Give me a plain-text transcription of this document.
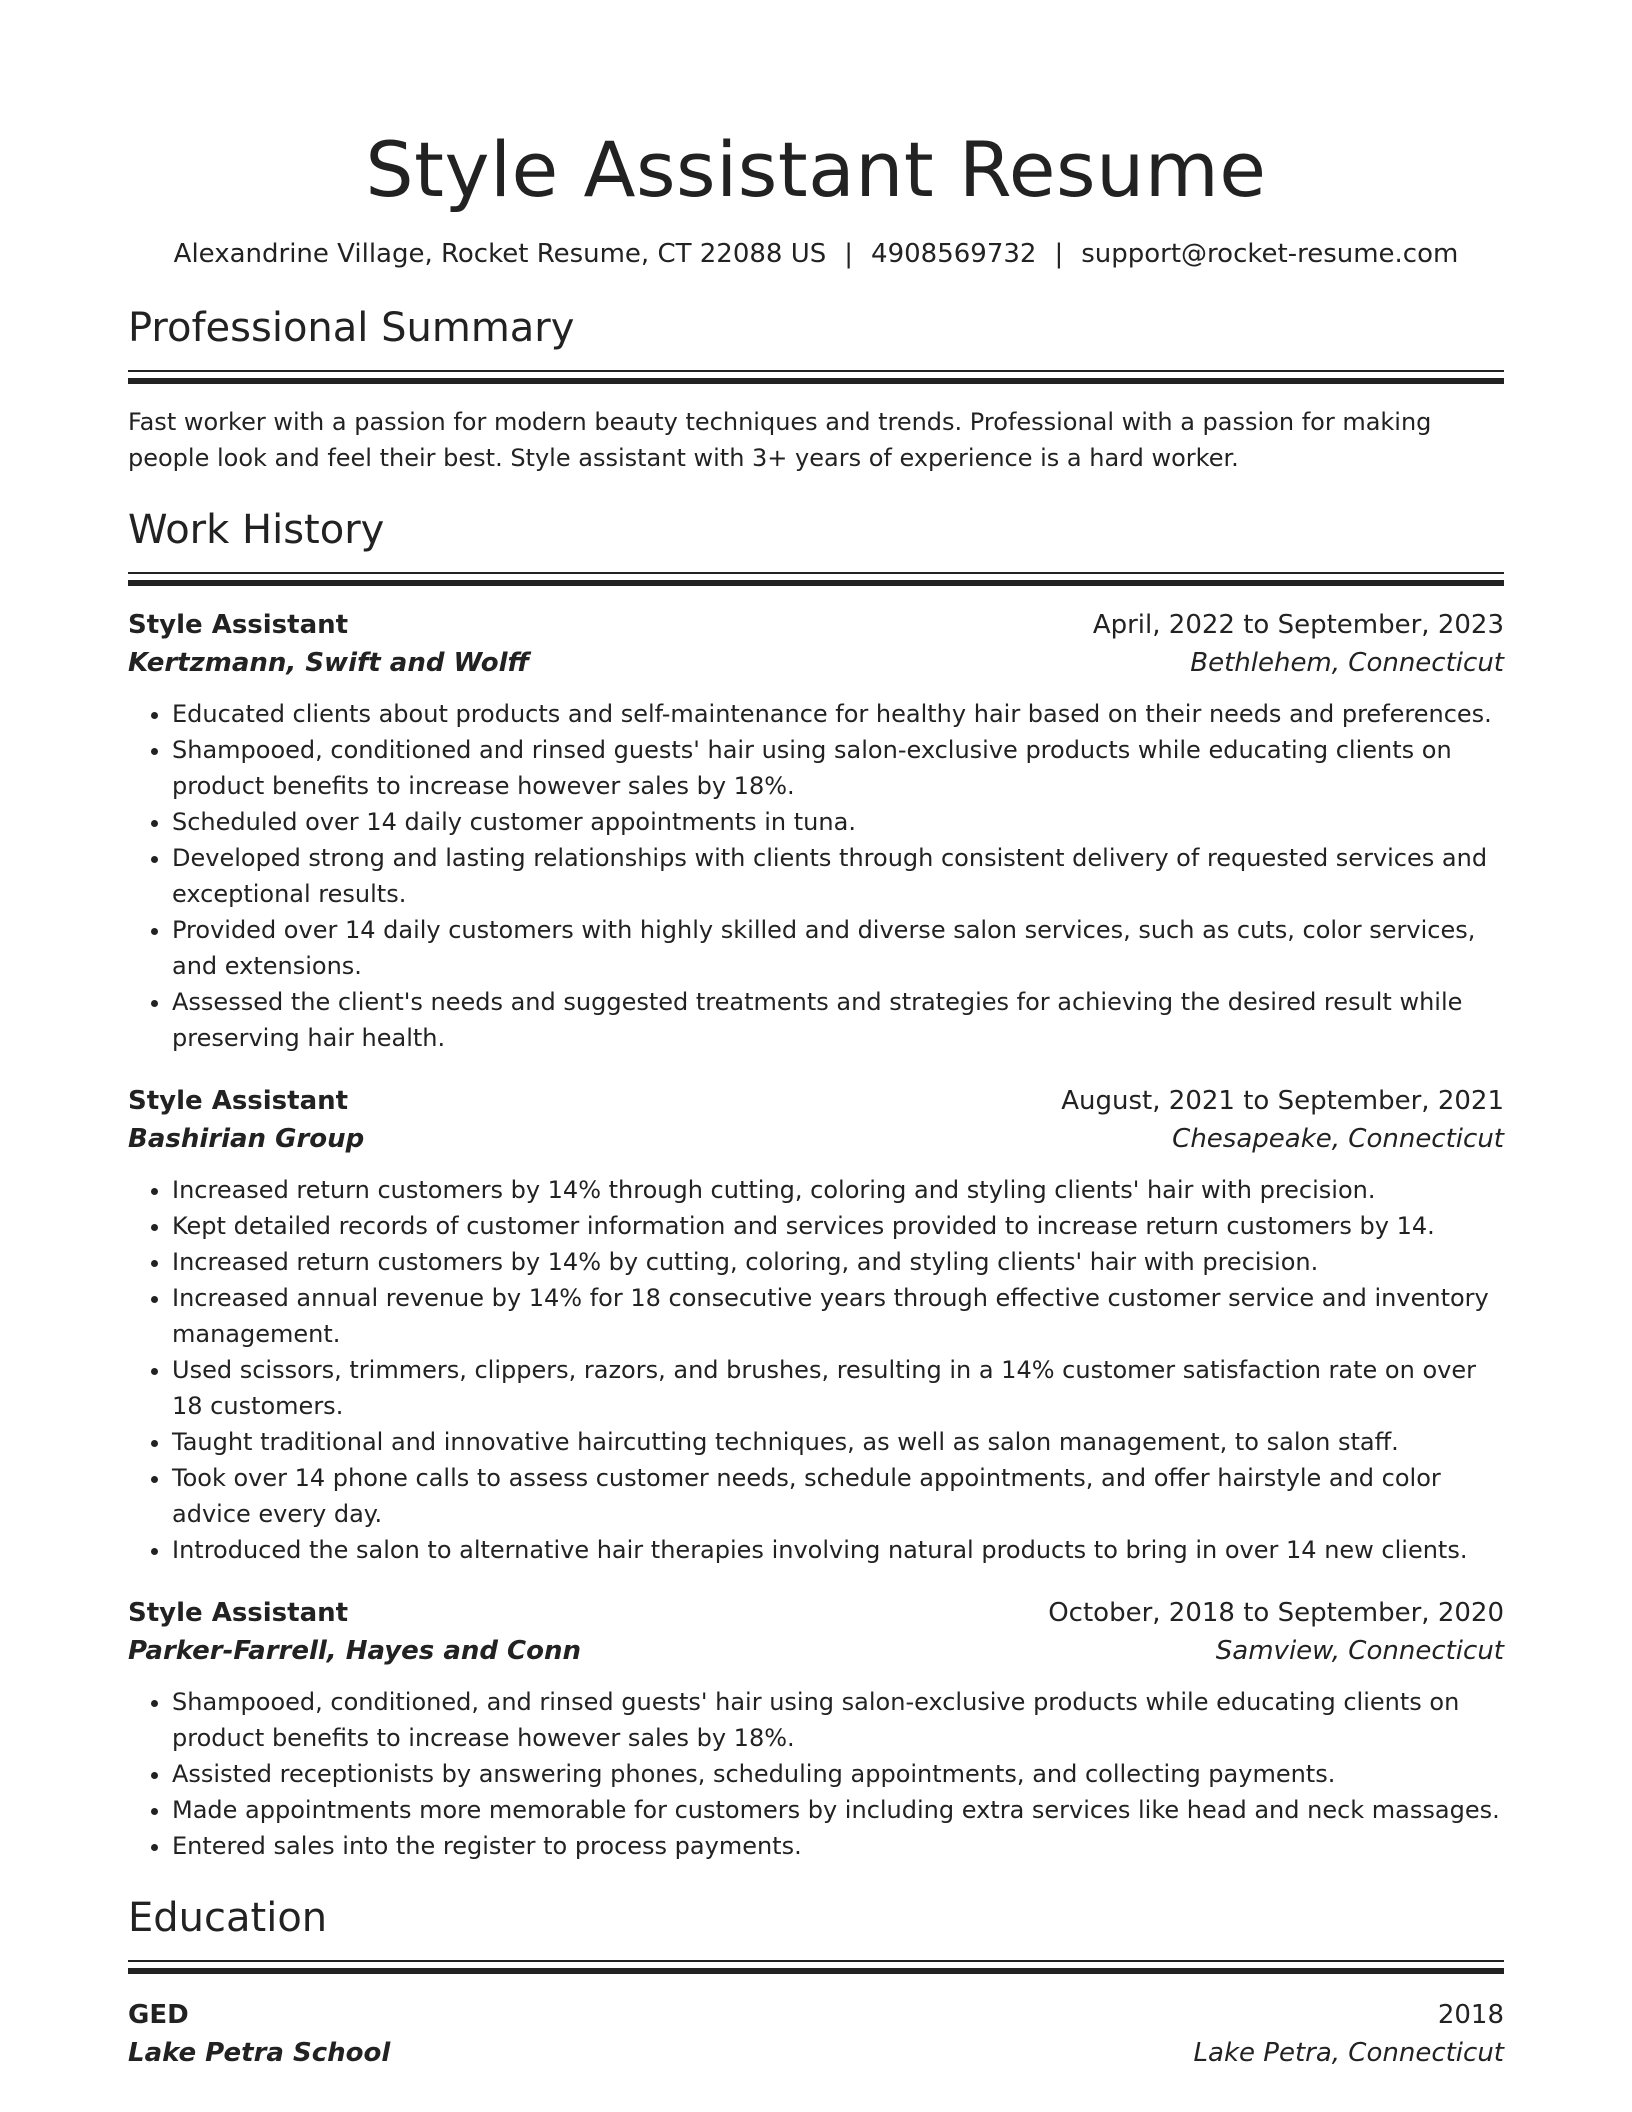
Style Assistant Resume
Alexandrine Village, Rocket Resume, CT 22088 US | 4908569732 | support@rocket-resume.com
Professional Summary
Fast worker with a passion for modern beauty techniques and trends. Professional with a passion for making people look and feel their best. Style assistant with 3+ years of experience is a hard worker.
Work History
Style Assistant	April, 2022 to September, 2023
Kertzmann, Swift and Wolff	Bethlehem, Connecticut
• Educated clients about products and self-maintenance for healthy hair based on their needs and preferences.
• Shampooed, conditioned and rinsed guests' hair using salon-exclusive products while educating clients on product benefits to increase however sales by 18%.
• Scheduled over 14 daily customer appointments in tuna.
• Developed strong and lasting relationships with clients through consistent delivery of requested services and exceptional results.
• Provided over 14 daily customers with highly skilled and diverse salon services, such as cuts, color services, and extensions.
• Assessed the client's needs and suggested treatments and strategies for achieving the desired result while preserving hair health.
Style Assistant	August, 2021 to September, 2021
Bashirian Group	Chesapeake, Connecticut
• Increased return customers by 14% through cutting, coloring and styling clients' hair with precision.
• Kept detailed records of customer information and services provided to increase return customers by 14.
• Increased return customers by 14% by cutting, coloring, and styling clients' hair with precision.
• Increased annual revenue by 14% for 18 consecutive years through effective customer service and inventory management.
• Used scissors, trimmers, clippers, razors, and brushes, resulting in a 14% customer satisfaction rate on over 18 customers.
• Taught traditional and innovative haircutting techniques, as well as salon management, to salon staff.
• Took over 14 phone calls to assess customer needs, schedule appointments, and offer hairstyle and color advice every day.
• Introduced the salon to alternative hair therapies involving natural products to bring in over 14 new clients.
Style Assistant	October, 2018 to September, 2020
Parker-Farrell, Hayes and Conn	Samview, Connecticut
• Shampooed, conditioned, and rinsed guests' hair using salon-exclusive products while educating clients on product benefits to increase however sales by 18%.
• Assisted receptionists by answering phones, scheduling appointments, and collecting payments.
• Made appointments more memorable for customers by including extra services like head and neck massages.
• Entered sales into the register to process payments.
Education
GED	2018
Lake Petra School	Lake Petra, Connecticut
